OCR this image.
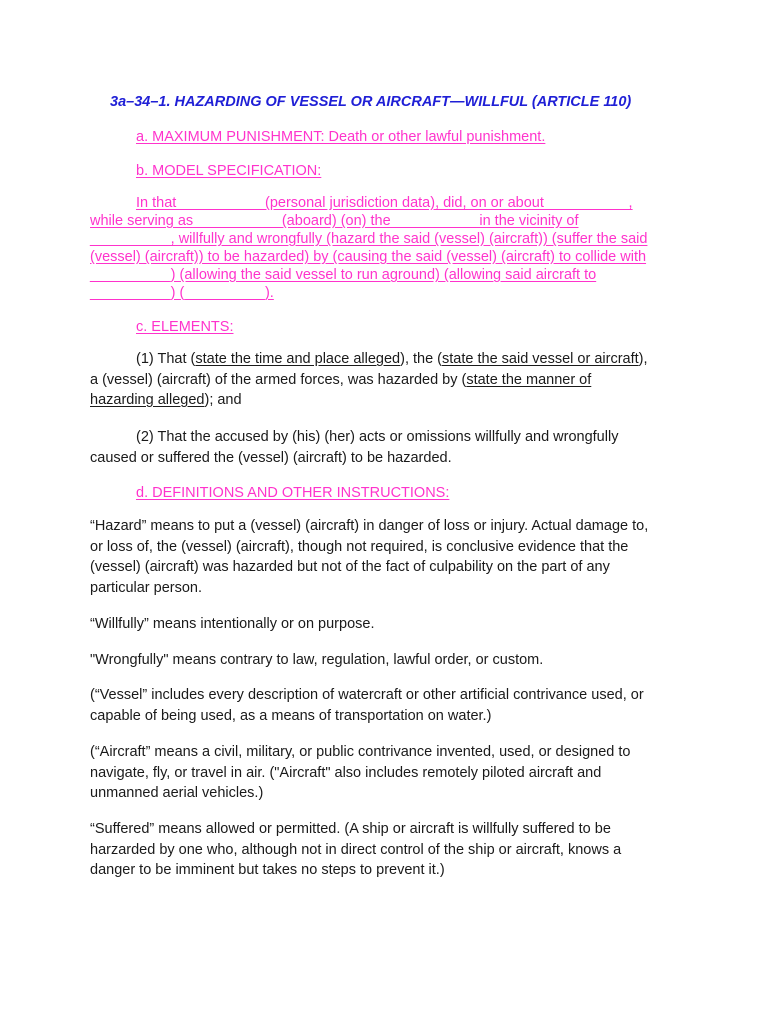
3a–34–1. HAZARDING OF VESSEL OR AIRCRAFT—WILLFUL (ARTICLE 110)
a. MAXIMUM PUNISHMENT: Death or other lawful punishment.
b. MODEL SPECIFICATION:
In that __________ (personal jurisdiction data), did, on or about __________,
while serving as __________ (aboard) (on) the __________ in the vicinity of
__________, willfully and wrongfully (hazard the said (vessel) (aircraft)) (suffer the said
(vessel) (aircraft)) to be hazarded) by (causing the said (vessel) (aircraft) to collide with
__________) (allowing the said vessel to run aground) (allowing said aircraft to
__________) (__________).
c. ELEMENTS:

(1) That (state the time and place alleged), the (state the said vessel or aircraft),

a (vessel) (aircraft) of the armed forces, was hazarded by (state the manner of

hazarding alleged); and

(2) That the accused by (his) (her) acts or omissions willfully and wrongfully

caused or suffered the (vessel) (aircraft) to be hazarded.

d. DEFINITIONS AND OTHER INSTRUCTIONS:

“Hazard” means to put a (vessel) (aircraft) in danger of loss or injury. Actual damage to,

or loss of, the (vessel) (aircraft), though not required, is conclusive evidence that the

(vessel) (aircraft) was hazarded but not of the fact of culpability on the part of any

particular person.

“Willfully” means intentionally or on purpose.

"Wrongfully" means contrary to law, regulation, lawful order, or custom.

(“Vessel” includes every description of watercraft or other artificial contrivance used, or

capable of being used, as a means of transportation on water.)

(“Aircraft” means a civil, military, or public contrivance invented, used, or designed to

navigate, fly, or travel in air. ("Aircraft" also includes remotely piloted aircraft and

unmanned aerial vehicles.)

“Suffered” means allowed or permitted. (A ship or aircraft is willfully suffered to be

harzarded by one who, although not in direct control of the ship or aircraft, knows a

danger to be imminent but takes no steps to prevent it.)
